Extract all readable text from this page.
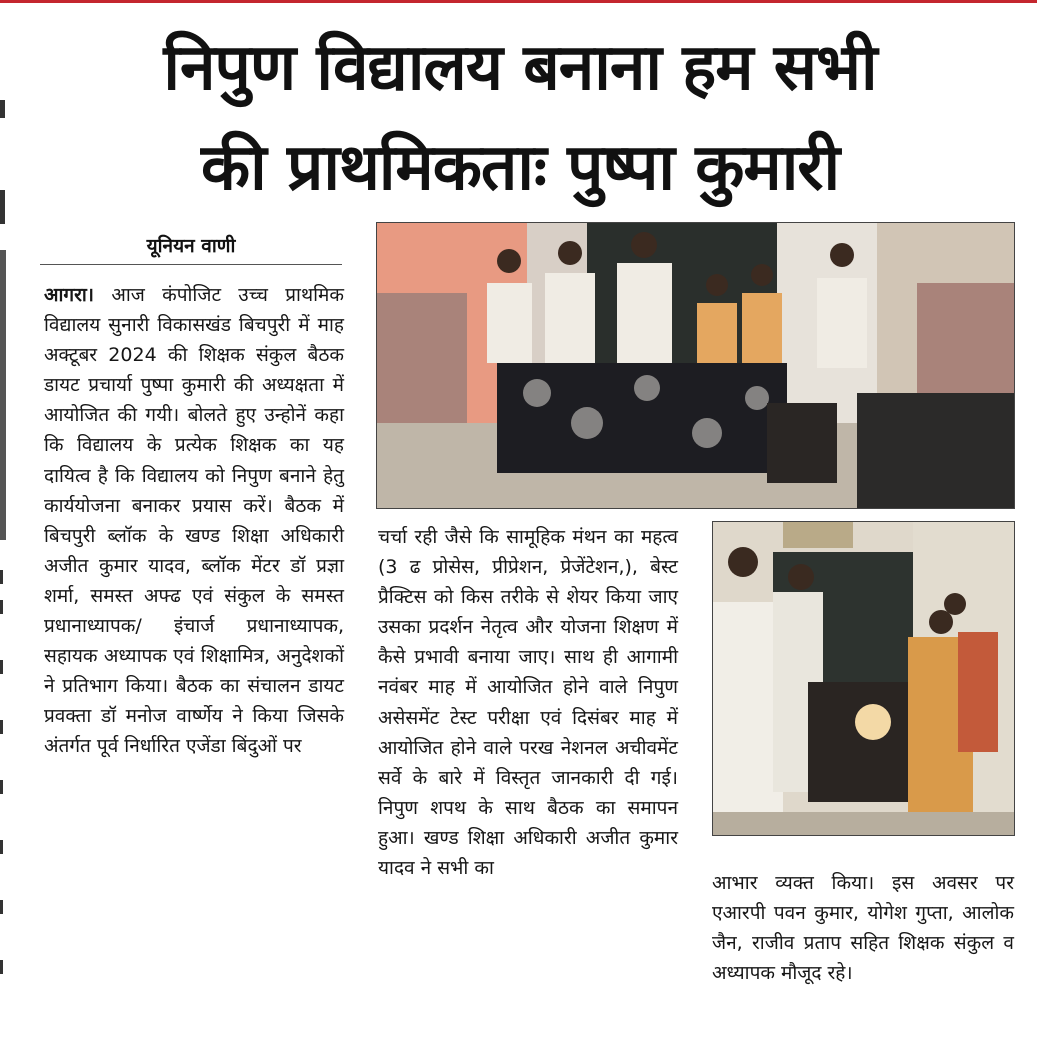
निपुण विद्यालय बनाना हम सभी
की प्राथमिकताः पुष्पा कुमारी
यूनियन वाणी

आगरा। आज कंपोजिट उच्च प्राथमिक विद्यालय सुनारी विकासखंड बिचपुरी में माह अक्टूबर 2024 की शिक्षक संकुल बैठक डायट प्रचार्या पुष्पा कुमारी की अध्यक्षता में आयोजित की गयी। बोलते हुए उन्होनें कहा कि विद्यालय के प्रत्येक शिक्षक का यह दायित्व है कि विद्यालय को निपुण बनाने हेतु कार्ययोजना बनाकर प्रयास करें। बैठक में बिचपुरी ब्लॉक के खण्ड शिक्षा अधिकारी अजीत कुमार यादव, ब्लॉक मेंटर डॉ प्रज्ञा शर्मा, समस्त अफ्ढ एवं संकुल के समस्त प्रधानाध्यापक/ इंचार्ज प्रधानाध्यापक, सहायक अध्यापक एवं शिक्षामित्र, अनुदेशकों ने प्रतिभाग किया। बैठक का संचालन डायट प्रवक्ता डॉ मनोज वार्ष्णेय ने किया जिसके अंतर्गत पूर्व निर्धारित एजेंडा बिंदुओं पर

चर्चा रही जैसे कि सामूहिक मंथन का महत्व (3 ढ प्रोसेस, प्रीप्रेशन, प्रेजेंटेशन,), बेस्ट प्रैक्टिस को किस तरीके से शेयर किया जाए उसका प्रदर्शन नेतृत्व और योजना शिक्षण में कैसे प्रभावी बनाया जाए। साथ ही आगामी नवंबर माह में आयोजित होने वाले निपुण असेसमेंट टेस्ट परीक्षा एवं दिसंबर माह में आयोजित होने वाले परख नेशनल अचीवमेंट सर्वे के बारे में विस्तृत जानकारी दी गई। निपुण शपथ के साथ बैठक का समापन हुआ। खण्ड शिक्षा अधिकारी अजीत कुमार यादव ने सभी का
आभार व्यक्त किया। इस अवसर पर एआरपी पवन कुमार, योगेश गुप्ता, आलोक जैन, राजीव प्रताप सहित शिक्षक संकुल व अध्यापक मौजूद रहे।
